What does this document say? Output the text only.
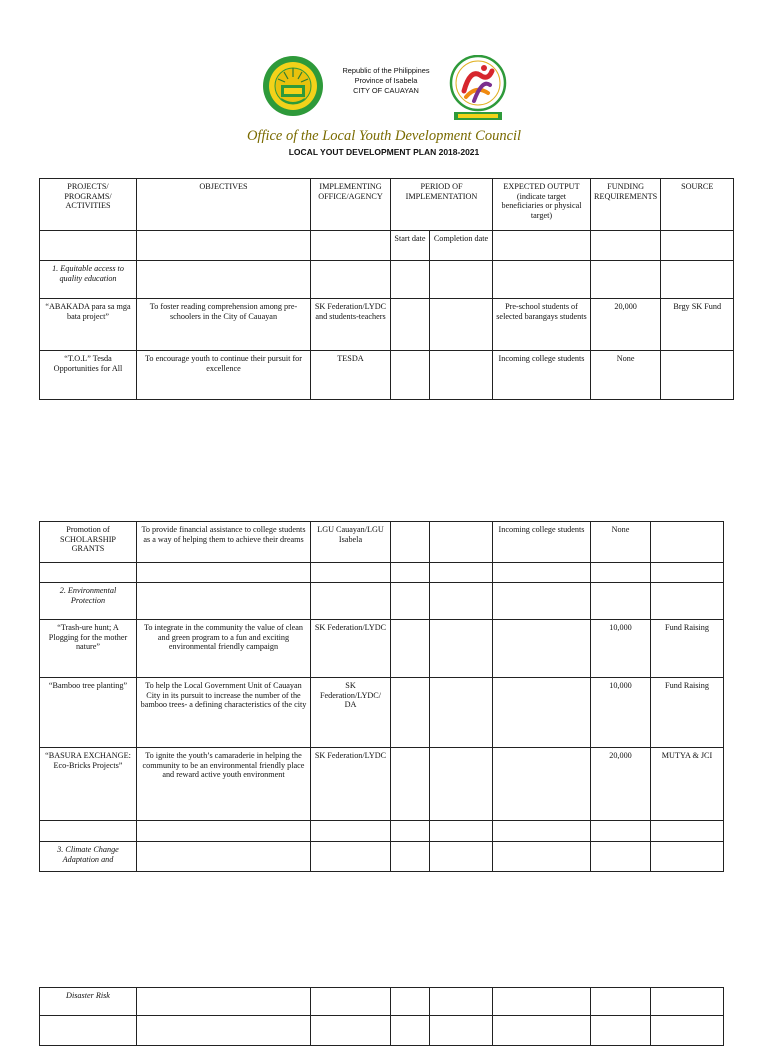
Republic of the Philippines
Province of Isabela
CITY OF CAUAYAN
Office of the Local Youth Development Council
LOCAL YOUT DEVELOPMENT PLAN 2018-2021
PROJECTS/ PROGRAMS/ ACTIVITIES	OBJECTIVES	IMPLEMENTING OFFICE/AGENCY	PERIOD OF IMPLEMENTATION		EXPECTED OUTPUT (indicate target beneficiaries or physical target)	FUNDING REQUIREMENTS	SOURCE
			Start date	Completion date			
1. Equitable access to quality education							
“ABAKADA para sa mga bata project”	To foster reading comprehension among pre-schoolers in the City of Cauayan	SK Federation/LYDC and students-teachers			Pre-school students of selected barangays students	20,000	Brgy SK Fund
“T.O.L” Tesda Opportunities for All	To encourage youth to continue their pursuit for excellence	TESDA			Incoming college students	None	
Promotion of SCHOLARSHIP GRANTS	To provide financial assistance to college students as a way of helping them to achieve their dreams	LGU Cauayan/LGU Isabela			Incoming college students	None	

2. Environmental Protection							
“Trash-ure hunt; A Plogging for the mother nature”	To integrate in the community the value of clean and green program to a fun and exciting environmental friendly campaign	SK Federation/LYDC				10,000	Fund Raising
“Bamboo tree planting”	To help the Local Government Unit of Cauayan City in its pursuit to increase the number of the bamboo trees- a defining characteristics of the city	SK Federation/LYDC/ DA				10,000	Fund Raising
“BASURA EXCHANGE: Eco-Bricks Projects”	To ignite the youth’s camaraderie in helping the community to be an environmental friendly place and reward active youth environment	SK Federation/LYDC				20,000	MUTYA & JCI

3. Climate Change Adaptation and							
Disaster Risk							
